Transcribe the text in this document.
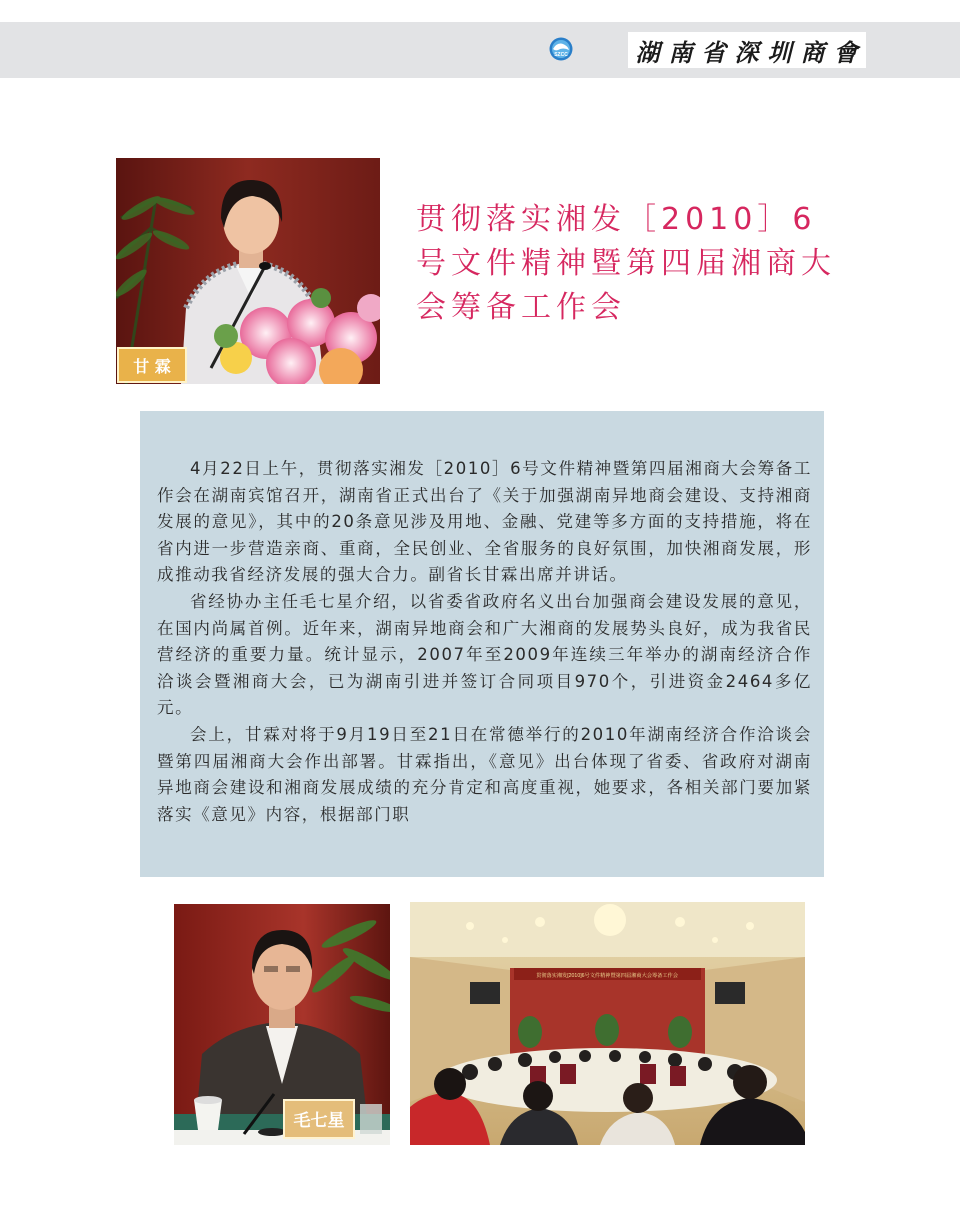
SZCC	湖南省深圳商會
甘 霖
贯彻落实湘发［2010］6号文件精神暨第四届湘商大会筹备工作会

4月22日上午，贯彻落实湘发［2010］6号文件精神暨第四届湘商大会筹备工作会在湖南宾馆召开，湖南省正式出台了《关于加强湖南异地商会建设、支持湘商发展的意见》，其中的20条意见涉及用地、金融、党建等多方面的支持措施，将在省内进一步营造亲商、重商，全民创业、全省服务的良好氛围，加快湘商发展，形成推动我省经济发展的强大合力。副省长甘霖出席并讲话。

省经协办主任毛七星介绍，以省委省政府名义出台加强商会建设发展的意见，在国内尚属首例。近年来，湖南异地商会和广大湘商的发展势头良好，成为我省民营经济的重要力量。统计显示，2007年至2009年连续三年举办的湖南经济合作洽谈会暨湘商大会，已为湖南引进并签订合同项目970个，引进资金2464多亿元。

会上，甘霖对将于9月19日至21日在常德举行的2010年湖南经济合作洽谈会暨第四届湘商大会作出部署。甘霖指出，《意见》出台体现了省委、省政府对湖南异地商会建设和湘商发展成绩的充分肯定和高度重视，她要求，各相关部门要加紧落实《意见》内容，根据部门职

毛七星
贯彻落实湘发[2010]6号文件精神暨第四届湘商大会筹备工作会
